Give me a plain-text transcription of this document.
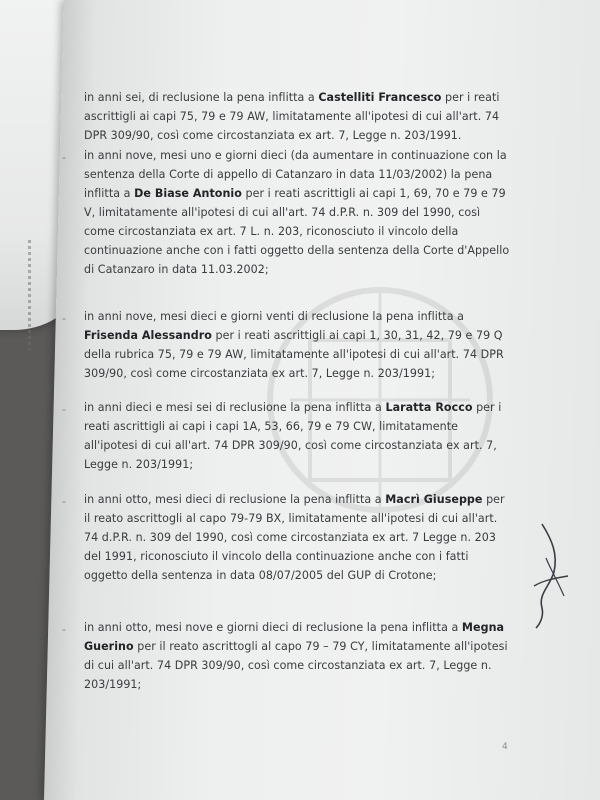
in anni sei, di reclusione la pena inflitta a Castelliti Francesco per i reati ascrittigli ai capi 75, 79 e 79 AW, limitatamente all'ipotesi di cui all'art. 74 DPR 309/90, così come circostanziata ex art. 7, Legge n. 203/1991.
- in anni nove, mesi uno e giorni dieci (da aumentare in continuazione con la sentenza della Corte di appello di Catanzaro in data 11/03/2002) la pena inflitta a De Biase Antonio per i reati ascrittigli ai capi 1, 69, 70 e 79 e 79 V, limitatamente all'ipotesi di cui all'art. 74 d.P.R. n. 309 del 1990, così come circostanziata ex art. 7 L. n. 203, riconosciuto il vincolo della continuazione anche con i fatti oggetto della sentenza della Corte d'Appello di Catanzaro in data 11.03.2002;
- in anni nove, mesi dieci e giorni venti di reclusione la pena inflitta a Frisenda Alessandro per i reati ascrittigli ai capi 1, 30, 31, 42, 79 e 79 Q della rubrica 75, 79 e 79 AW, limitatamente all'ipotesi di cui all'art. 74 DPR 309/90, così come circostanziata ex art. 7, Legge n. 203/1991;
- in anni dieci e mesi sei di reclusione la pena inflitta a Laratta Rocco per i reati ascrittigli ai capi i capi 1A, 53, 66, 79 e 79 CW, limitatamente all'ipotesi di cui all'art. 74 DPR 309/90, così come circostanziata ex art. 7, Legge n. 203/1991;
- in anni otto, mesi dieci di reclusione la pena inflitta a Macrì Giuseppe per il reato ascrittogli al capo 79-79 BX, limitatamente all'ipotesi di cui all'art. 74 d.P.R. n. 309 del 1990, così come circostanziata ex art. 7 Legge n. 203 del 1991, riconosciuto il vincolo della continuazione anche con i fatti oggetto della sentenza in data 08/07/2005 del GUP di Crotone;
- in anni otto, mesi nove e giorni dieci di reclusione la pena inflitta a Megna Guerino per il reato ascrittogli al capo 79 – 79 CY, limitatamente all'ipotesi di cui all'art. 74 DPR 309/90, così come circostanziata ex art. 7, Legge n. 203/1991;
4
